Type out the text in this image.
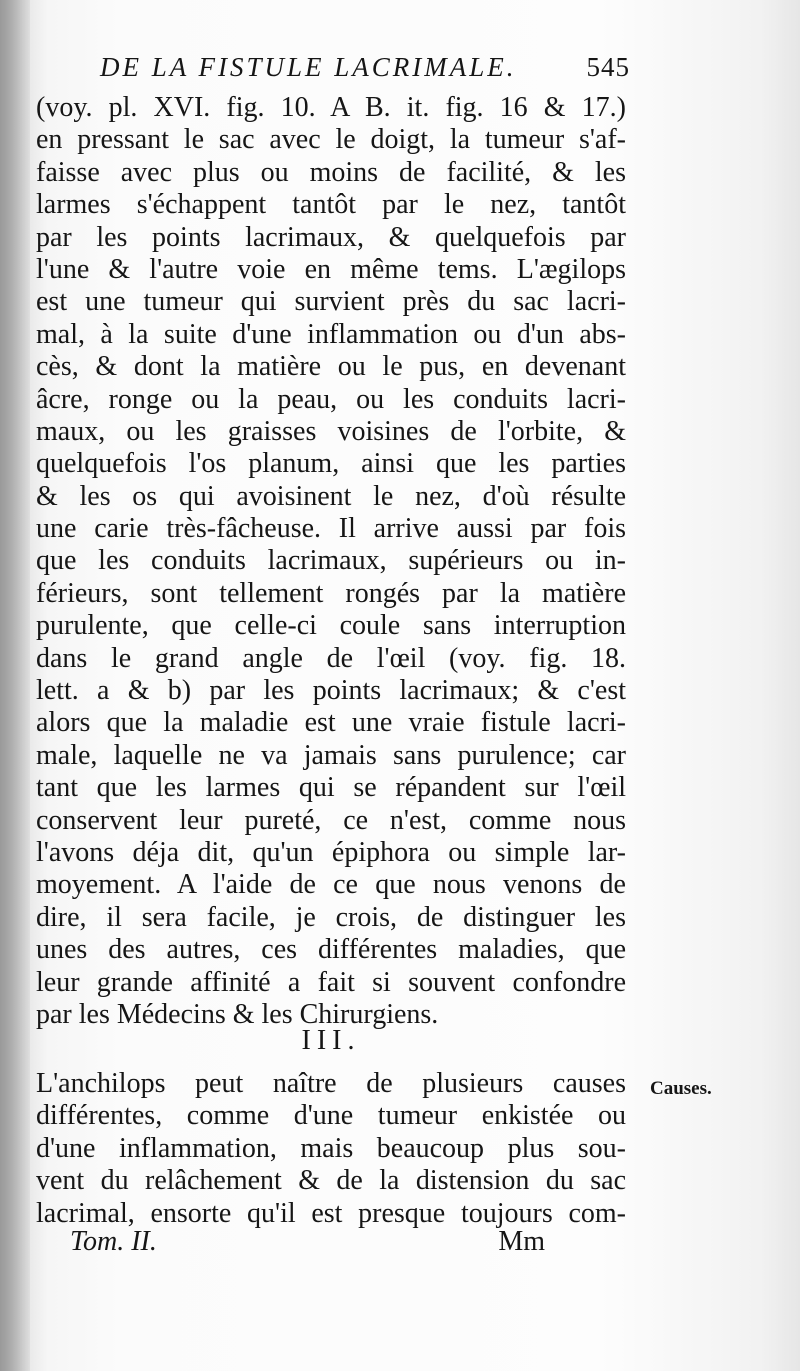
DE LA FISTULE LACRIMALE.	545
(voy. pl. XVI. fig. 10. A B. it. fig. 16 & 17.)
en pressant le sac avec le doigt, la tumeur s'af-
faisse avec plus ou moins de facilité, & les
larmes s'échappent tantôt par le nez, tantôt
par les points lacrimaux, & quelquefois par
l'une & l'autre voie en même tems. L'ægilops
est une tumeur qui survient près du sac lacri-
mal, à la suite d'une inflammation ou d'un abs-
cès, & dont la matière ou le pus, en devenant
âcre, ronge ou la peau, ou les conduits lacri-
maux, ou les graisses voisines de l'orbite, &
quelquefois l'os planum, ainsi que les parties
& les os qui avoisinent le nez, d'où résulte
une carie très-fâcheuse. Il arrive aussi par fois
que les conduits lacrimaux, supérieurs ou in-
férieurs, sont tellement rongés par la matière
purulente, que celle-ci coule sans interruption
dans le grand angle de l'œil (voy. fig. 18.
lett. a & b) par les points lacrimaux; & c'est
alors que la maladie est une vraie fistule lacri-
male, laquelle ne va jamais sans purulence; car
tant que les larmes qui se répandent sur l'œil
conservent leur pureté, ce n'est, comme nous
l'avons déja dit, qu'un épiphora ou simple lar-
moyement. A l'aide de ce que nous venons de
dire, il sera facile, je crois, de distinguer les
unes des autres, ces différentes maladies, que
leur grande affinité a fait si souvent confondre
par les Médecins & les Chirurgiens.
III.
L'anchilops peut naître de plusieurs causes
différentes, comme d'une tumeur enkistée ou
d'une inflammation, mais beaucoup plus sou-
vent du relâchement & de la distension du sac
lacrimal, ensorte qu'il est presque toujours com-
Causes.
Tom. II.	Mm
